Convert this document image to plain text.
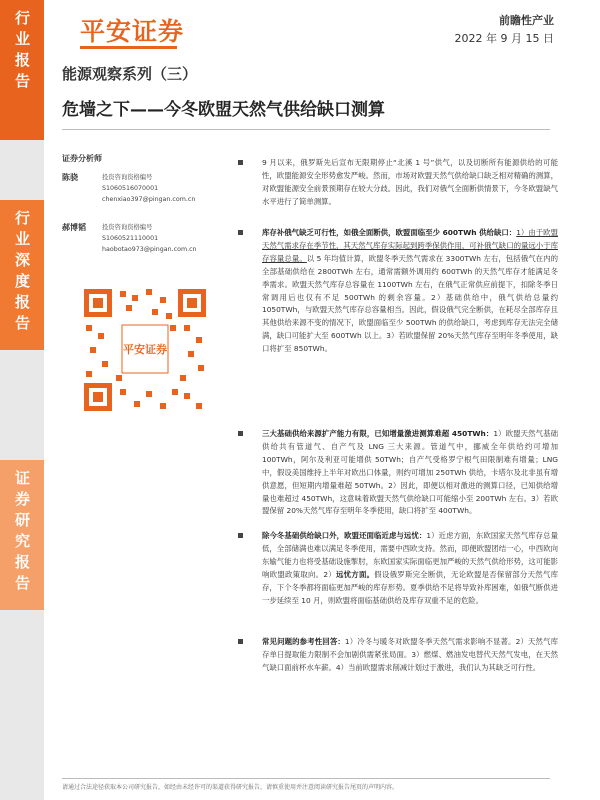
行业报告
行业深度报告
证券研究报告
平安证券	前瞻性产业
2022 年 9 月 15 日
能源观察系列（三）
危墙之下——今冬欧盟天然气供给缺口测算
证券分析师
陈骁	投资咨询资格编号
S1060516070001
chenxiao397@pingan.com.cn
郝博韬	投资咨询资格编号
S1060521110001
haobotao973@pingan.com.cn
平安证券

9 月以来，俄罗斯先后宣布无限期停止“北溪 1 号”供气，以及切断所有能源供给的可能性，欧盟能源安全形势愈发严峻。然而，市场对欧盟天然气供给缺口缺乏相对精确的测算，对欧盟能源安全前景预期存在较大分歧。因此，我们对俄气全面断供情景下，今冬欧盟缺气水平进行了简单测算。

库存补俄气缺乏可行性，如俄全面断供，欧盟面临至少 600TWh 供给缺口：1）由于欧盟天然气需求存在季节性，其天然气库存实际起到跨季保供作用，可补俄气缺口的量远小于库存容量总量。以 5 年均值计算，欧盟冬季天然气需求在 3300TWh 左右，包括俄气在内的全部基础供给在 2800TWh 左右，通常需额外调用约 600TWh 的天然气库存才能满足冬季需求。欧盟天然气库存总容量在 1100TWh 左右，在俄气正常供应前提下，扣除冬季日常调用后也仅有不足 500TWh 的剩余容量。2）基础供给中，俄气供给总量约 1050TWh，与欧盟天然气库存总容量相当。因此，假设俄气完全断供，在耗尽全部库存且其他供给来源不变的情况下，欧盟面临至少 500TWh 的供给缺口，考虑到库存无法完全储满，缺口可能扩大至 600TWh 以上。3）若欧盟保留 20%天然气库存至明年冬季使用，缺口将扩至 850TWh。

三大基础供给来源扩产能力有限，已知增量激进测算难超 450TWh：1）欧盟天然气基础供给共有管道气、自产气及 LNG 三大来源。管道气中，挪威全年供给约可增加 100TWh，阿尔及利亚可能增供 50TWh；自产气受格罗宁根气田限制难有增量；LNG 中，假设美国维持上半年对欧出口体量，则约可增加 250TWh 供给，卡塔尔及北非虽有增供意愿，但短期内增量难超 50TWh。2）因此，即便以相对激进的测算口径，已知供给增量也难超过 450TWh，这意味着欧盟天然气供给缺口可能缩小至 200TWh 左右。3）若欧盟保留 20%天然气库存至明年冬季使用，缺口将扩至 400TWh。

除今冬基础供给缺口外，欧盟还面临近虑与远忧：1）近虑方面，东欧国家天然气库存总量低，全部储满也难以满足冬季使用，需要中西欧支持。然而，即便欧盟团结一心，中西欧向东输气能力也将受基础设施掣肘，东欧国家实际面临更加严峻的天然气供给形势，这可能影响欧盟政策取向。2）远忧方面。假设俄罗斯完全断供，无论欧盟是否保留部分天然气库存，下个冬季都将面临更加严峻的库存形势。夏季供给不足将导致补库困难，如俄气断供进一步延续至 10 月，则欧盟将面临基础供给及库存双重不足的危险。

常见问题的参考性回答：1）冷冬与暖冬对欧盟冬季天然气需求影响不显著。2）天然气库存单日提取能力限制不会加剧供需紧张局面。3）燃煤、燃油发电替代天然气发电，在天然气缺口面前杯水车薪。4）当前欧盟需求削减计划过于激进，我们认为其缺乏可行性。

请通过合法途径获取本公司研究报告，如经由未经许可的渠道获得研究报告，请慎重使用并注意阅读研究报告尾页的声明内容。
